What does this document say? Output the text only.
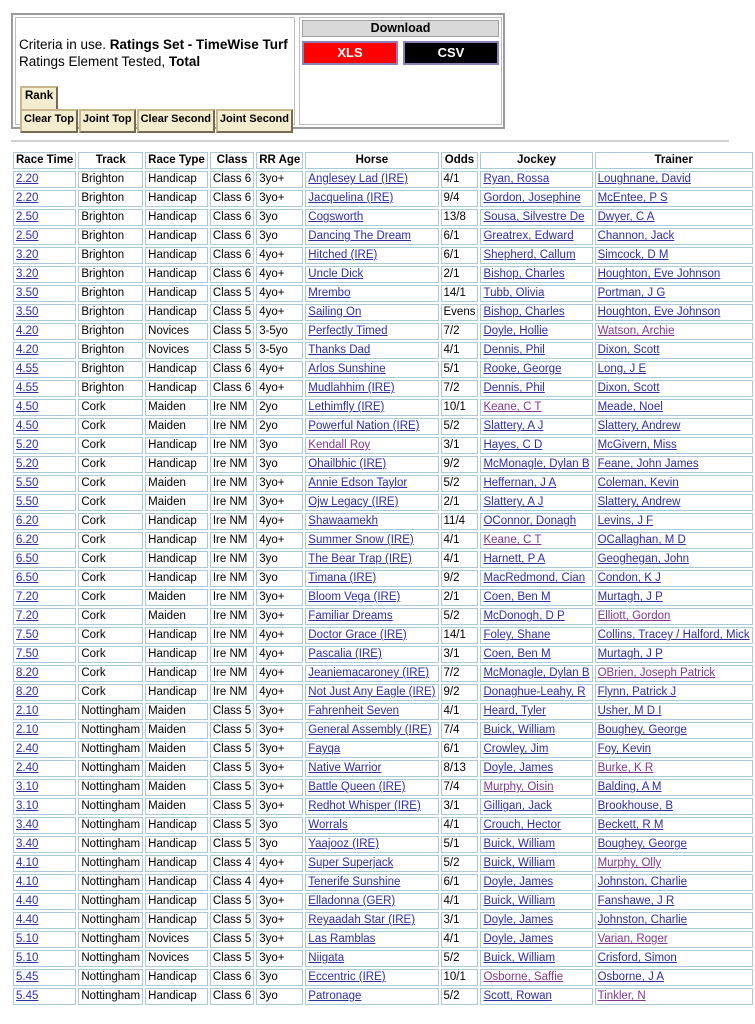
Criteria in use. Ratings Set - TimeWise Turf
Ratings Element Tested, Total
Rank
Clear Top Joint Top Clear Second Joint Second
Download
XLS	CSV
Race Time	Track	Race Type	Class	RR Age	Horse	Odds	Jockey	Trainer
2.20	Brighton	Handicap	Class 6	3yo+	Anglesey Lad (IRE)	4/1	Ryan, Rossa	Loughnane, David
2.20	Brighton	Handicap	Class 6	3yo+	Jacquelina (IRE)	9/4	Gordon, Josephine	McEntee, P S
2.50	Brighton	Handicap	Class 6	3yo	Cogsworth	13/8	Sousa, Silvestre De	Dwyer, C A
2.50	Brighton	Handicap	Class 6	3yo	Dancing The Dream	6/1	Greatrex, Edward	Channon, Jack
3.20	Brighton	Handicap	Class 6	4yo+	Hitched (IRE)	6/1	Shepherd, Callum	Simcock, D M
3.20	Brighton	Handicap	Class 6	4yo+	Uncle Dick	2/1	Bishop, Charles	Houghton, Eve Johnson
3.50	Brighton	Handicap	Class 5	4yo+	Mrembo	14/1	Tubb, Olivia	Portman, J G
3.50	Brighton	Handicap	Class 5	4yo+	Sailing On	Evens	Bishop, Charles	Houghton, Eve Johnson
4.20	Brighton	Novices	Class 5	3-5yo	Perfectly Timed	7/2	Doyle, Hollie	Watson, Archie
4.20	Brighton	Novices	Class 5	3-5yo	Thanks Dad	4/1	Dennis, Phil	Dixon, Scott
4.55	Brighton	Handicap	Class 6	4yo+	Arlos Sunshine	5/1	Rooke, George	Long, J E
4.55	Brighton	Handicap	Class 6	4yo+	Mudlahhim (IRE)	7/2	Dennis, Phil	Dixon, Scott
4.50	Cork	Maiden	Ire NM	2yo	Lethimfly (IRE)	10/1	Keane, C T	Meade, Noel
4.50	Cork	Maiden	Ire NM	2yo	Powerful Nation (IRE)	5/2	Slattery, A J	Slattery, Andrew
5.20	Cork	Handicap	Ire NM	3yo	Kendall Roy	3/1	Hayes, C D	McGivern, Miss
5.20	Cork	Handicap	Ire NM	3yo	Ohailbhic (IRE)	9/2	McMonagle, Dylan B	Feane, John James
5.50	Cork	Maiden	Ire NM	3yo+	Annie Edson Taylor	5/2	Heffernan, J A	Coleman, Kevin
5.50	Cork	Maiden	Ire NM	3yo+	Ojw Legacy (IRE)	2/1	Slattery, A J	Slattery, Andrew
6.20	Cork	Handicap	Ire NM	4yo+	Shawaamekh	11/4	OConnor, Donagh	Levins, J F
6.20	Cork	Handicap	Ire NM	4yo+	Summer Snow (IRE)	4/1	Keane, C T	OCallaghan, M D
6.50	Cork	Handicap	Ire NM	3yo	The Bear Trap (IRE)	4/1	Harnett, P A	Geoghegan, John
6.50	Cork	Handicap	Ire NM	3yo	Timana (IRE)	9/2	MacRedmond, Cian	Condon, K J
7.20	Cork	Maiden	Ire NM	3yo+	Bloom Vega (IRE)	2/1	Coen, Ben M	Murtagh, J P
7.20	Cork	Maiden	Ire NM	3yo+	Familiar Dreams	5/2	McDonogh, D P	Elliott, Gordon
7.50	Cork	Handicap	Ire NM	4yo+	Doctor Grace (IRE)	14/1	Foley, Shane	Collins, Tracey / Halford, Mick
7.50	Cork	Handicap	Ire NM	4yo+	Pascalia (IRE)	3/1	Coen, Ben M	Murtagh, J P
8.20	Cork	Handicap	Ire NM	4yo+	Jeaniemacaroney (IRE)	7/2	McMonagle, Dylan B	OBrien, Joseph Patrick
8.20	Cork	Handicap	Ire NM	4yo+	Not Just Any Eagle (IRE)	9/2	Donaghue-Leahy, R	Flynn, Patrick J
2.10	Nottingham	Maiden	Class 5	3yo+	Fahrenheit Seven	4/1	Heard, Tyler	Usher, M D I
2.10	Nottingham	Maiden	Class 5	3yo+	General Assembly (IRE)	7/4	Buick, William	Boughey, George
2.40	Nottingham	Maiden	Class 5	3yo+	Fayqa	6/1	Crowley, Jim	Foy, Kevin
2.40	Nottingham	Maiden	Class 5	3yo+	Native Warrior	8/13	Doyle, James	Burke, K R
3.10	Nottingham	Maiden	Class 5	3yo+	Battle Queen (IRE)	7/4	Murphy, Oisin	Balding, A M
3.10	Nottingham	Maiden	Class 5	3yo+	Redhot Whisper (IRE)	3/1	Gilligan, Jack	Brookhouse, B
3.40	Nottingham	Handicap	Class 5	3yo	Worrals	4/1	Crouch, Hector	Beckett, R M
3.40	Nottingham	Handicap	Class 5	3yo	Yaajooz (IRE)	5/1	Buick, William	Boughey, George
4.10	Nottingham	Handicap	Class 4	4yo+	Super Superjack	5/2	Buick, William	Murphy, Olly
4.10	Nottingham	Handicap	Class 4	4yo+	Tenerife Sunshine	6/1	Doyle, James	Johnston, Charlie
4.40	Nottingham	Handicap	Class 5	3yo+	Elladonna (GER)	4/1	Buick, William	Fanshawe, J R
4.40	Nottingham	Handicap	Class 5	3yo+	Reyaadah Star (IRE)	3/1	Doyle, James	Johnston, Charlie
5.10	Nottingham	Novices	Class 5	3yo+	Las Ramblas	4/1	Doyle, James	Varian, Roger
5.10	Nottingham	Novices	Class 5	3yo+	Niigata	5/2	Buick, William	Crisford, Simon
5.45	Nottingham	Handicap	Class 6	3yo	Eccentric (IRE)	10/1	Osborne, Saffie	Osborne, J A
5.45	Nottingham	Handicap	Class 6	3yo	Patronage	5/2	Scott, Rowan	Tinkler, N
